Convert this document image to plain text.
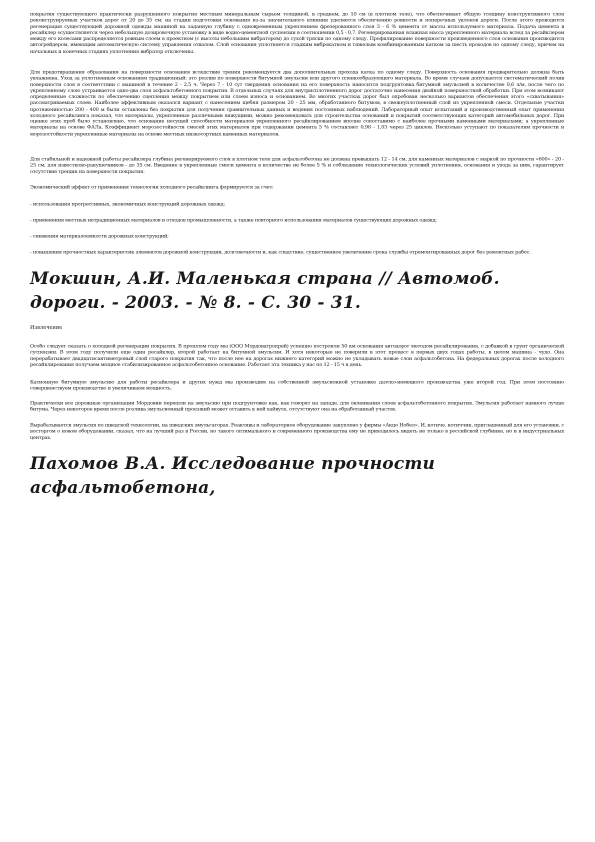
покрытия существующего практически разрушенного покрытия местным минеральным сырьем толщиной, в среднем, до 10 см (в плотном теле), что обеспечивает общую толщину конструктивного слоя реконструируемых участков дорог от 20 до 35 см; на стадии подготовки основания из-за значительного влияния уделяется обеспечению ровности и поперечных уклонов дороги. После этого проводится регенерация существующей дорожной одежды машиной на заданную глубину с одновременным укреплением фрезерованного слоя 3 - 6 % цемента от массы используемого материала. Подача цемента в ресайклер осуществляется через небольшую дозировочную установку в виде водно-цементной суспензии в соотношении 0,5 - 0,7. Регенерированная влажная масса укрепленного материала вслед за ресайклером между его колесами распределяется ровным слоем в проектном (с высоты небольшим вибратором) до сухой тряски по одному следу. Профилирование поверхности произведенного слоя основания производится автогрейдером, имеющим автоматическую систему управления отвалом. Слой основания уплотняется гладким виброкатком и тяжелым комбинированным катком за шесть проходов по одному следу, причем на начальных и конечных стадиях уплотнения вибратор отключены.

Для предотвращения образования на поверхности основания вследствие трения рекомендуется два дополнительных прохода катка по одному следу. Поверхность основания предварительно должна быть увлажнена. Уход за уплотненным основанием традиционный: это розлив по поверхности битумной эмульсии или другого пленкообразующего материала. Во время случаев допускается систематический полив поверхности слоя в соответствии с машиной в течение 2 - 2,5 ч. Через 7 - 10 сут твердения основания на его поверхность наносится подгрунтовка битумной эмульсией в количестве 0,6 л/м, после чего по укрепленному слою устраивается одно-два слоя асфальтобетонного покрытия. В отдельных случаях для внутрисплотненного дорог достаточно нанесения двойной поверхностной обработки. При этом возникают определенные сложности по обеспечению сцепления между покрытием или слоем износа и основанием. Во многих участках дорог был опробован несколько вариантов обеспечения этого «схватывания» рассматриваемых слоев. Наиболее эффективным оказался вариант с нанесением щебня размером 20 - 25 мм, обработанного битумом, в свежеуплотненный слой из укрепленной смеси. Отдельные участки протяженностью 200 - 400 м были оставлены без покрытия для получения сравнительных данных и ведения постоянных наблюдений. Лабораторный опыт испытаний и производственный опыт применения холодного ресайклинга показал, что материалы, укрепленные различными вяжущими, можно рекомендовать для строительства оснований и покрытий соответствующих категорий автомобильных дорог. При оценке этих проб было установлено, что основание несущей способности материалов укрепленного ресайклированием вполне сопоставимо с наиболее прочными каменными материалами; а укрепленные материалы на основе ФАЛа. Коэффициент морозостойкости смесей этих материалов при содержании цемента 5 % составляет 0,98 - 1,03 через 25 циклов. Несколько уступают по показателям прочности и морозостойкости укрепленные материалы на основе местных низкосортных каменных материалов.

Для стабильной и надежной работы ресайклера глубина регенерируемого слоя в плотном теле для асфальтобетона не должна превышать 12 - 14 см, для каменных материалов с маркой по прочности «600» - 20 - 25 см, для известково-ракушечников - до 35 см. Введение в укрепленные смеси цемента в количестве не более 5 % и соблюдение технологических условий уплотнения, основания и ухода за ним, гарантирует отсутствие трещин на поверхности покрытия.

Экономический эффект от применения технологии холодного ресайклинга формируется за счет:

- использования прогрессивных, экономичных конструкций дорожных одежд;

- применения местных нетрадиционных материалов и отходов промышленности, а также повторного использования материалов существующих дорожных одежд;

- снижения материалоемкости дорожных конструкций;

- повышения прочностных характеристик элементов дорожной конструкции, долговечности и, как следствие, существенное увеличение срока службы отремонтированных дорог без ремонтных работ.

Мокшин, А.И. Маленькая страна // Автомоб. дороги. - 2003. - № 8. - С. 30 - 31.
Извлечение

Особо следует сказать о холодной регенерации покрытия. В прошлом году мы (ООО Мордовагропрей) успешно построили 50 км основания автодорог методом ресайклирования, с добавкой в грунт органической суспензии. В этом году получили еще один ресайклер, второй работает на битумной эмульсии. И хотя некоторые не поверили в этот процесс в первых двух годах работы, в целом машина - чудо. Она перерабатывает двадцатисантиметровый слой старого покрытия так, что после нее на дорогах нижнего категорий можно не укладывать новые слои асфальтобетона. На федеральных дорогах после холодного ресайклирования получаем мощное стабилизированное асфальтобетонное основание. Работает эта техника у нас по 12 - 15 ч в день.

Катионную битумную эмульсию для работы ресайклера и других нужд мы производим на собственной эмульсионной установке датско-немецкого производства уже второй год. При этом постоянно совершенствуем производство и увеличиваем мощность.

Практически все дорожные организации Мордовии перешли на эмульсию при подгрунтовке как, как говорят на западе, для оклеивания слоев асфальтобетонного покрытия. Эмульсия работает намного лучше битума. Через некоторое время после розлива эмульсионный проезжий может оставить к ней хайвуск, отсутствуют она на обработанный участок.

Вырабатывается эмульсия по шведской технологии, на шведских эмульгаторах. Реактивы и лабораторное оборудование закуплено у фирмы «Акцо Нобел». И, котиче, котиччик, приглашенный для его установки, с восторгом о новом оборудовании, сказал, что на лучший раз в России, но такого оптимального и современного производства ему не приходилось видеть не только в российской глубинке, но и в индустриальных центрах.

Пахомов В.А. Исследование прочности асфальтобетона,
